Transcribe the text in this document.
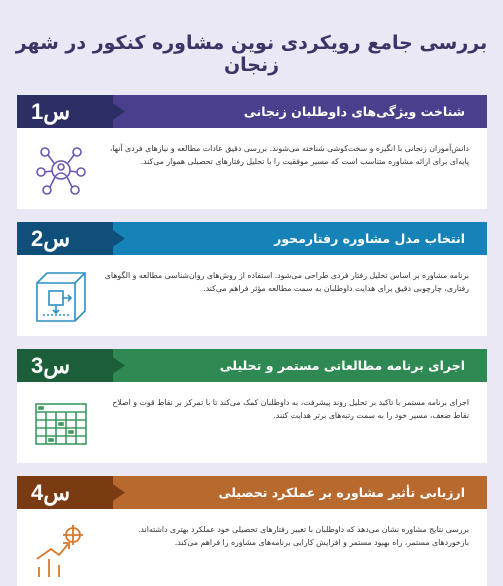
بررسی جامع رویکردی نوین مشاوره کنکور در شهر زنجان
س1	شناخت ویژگی‌های داوطلبان زنجانی
دانش‌آموزان زنجانی با انگیزه و سخت‌کوشی شناخته می‌شوند. بررسی دقیق عادات مطالعه و نیازهای فردی آنها، پایه‌ای برای ارائه مشاوره متناسب است که مسیر موفقیت را با تحلیل رفتارهای تحصیلی هموار می‌کند.
س2	انتخاب مدل مشاوره رفتارمحور
برنامه مشاوره بر اساس تحلیل رفتار فردی طراحی می‌شود. استفاده از روش‌های روان‌شناسی مطالعه و الگوهای رفتاری، چارچوبی دقیق برای هدایت داوطلبان به سمت مطالعه مؤثر فراهم می‌کند.
س3	اجرای برنامه مطالعاتی مستمر و تحلیلی
اجرای برنامه مستمر با تاکید بر تحلیل روند پیشرفت، به داوطلبان کمک می‌کند تا با تمرکز بر نقاط قوت و اصلاح نقاط ضعف، مسیر خود را به سمت رتبه‌های برتر هدایت کنند.
س4	ارزیابی تأثیر مشاوره بر عملکرد تحصیلی
بررسی نتایج مشاوره نشان می‌دهد که داوطلبان با تغییر رفتارهای تحصیلی خود عملکرد بهتری داشته‌اند. بازخوردهای مستمر، راه بهبود مستمر و افزایش کارایی برنامه‌های مشاوره را فراهم می‌کند.
